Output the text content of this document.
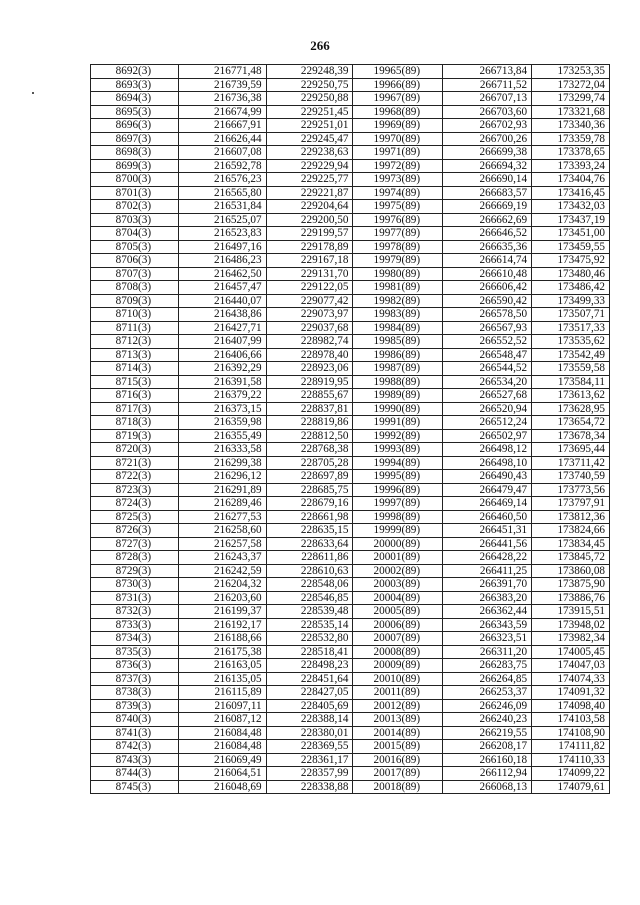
266
8692(3)	216771,48	229248,39	19965(89)	266713,84	173253,35
8693(3)	216739,59	229250,75	19966(89)	266711,52	173272,04
8694(3)	216736,38	229250,88	19967(89)	266707,13	173299,74
8695(3)	216674,99	229251,45	19968(89)	266703,60	173321,68
8696(3)	216667,91	229251,01	19969(89)	266702,93	173340,36
8697(3)	216626,44	229245,47	19970(89)	266700,26	173359,78
8698(3)	216607,08	229238,63	19971(89)	266699,38	173378,65
8699(3)	216592,78	229229,94	19972(89)	266694,32	173393,24
8700(3)	216576,23	229225,77	19973(89)	266690,14	173404,76
8701(3)	216565,80	229221,87	19974(89)	266683,57	173416,45
8702(3)	216531,84	229204,64	19975(89)	266669,19	173432,03
8703(3)	216525,07	229200,50	19976(89)	266662,69	173437,19
8704(3)	216523,83	229199,57	19977(89)	266646,52	173451,00
8705(3)	216497,16	229178,89	19978(89)	266635,36	173459,55
8706(3)	216486,23	229167,18	19979(89)	266614,74	173475,92
8707(3)	216462,50	229131,70	19980(89)	266610,48	173480,46
8708(3)	216457,47	229122,05	19981(89)	266606,42	173486,42
8709(3)	216440,07	229077,42	19982(89)	266590,42	173499,33
8710(3)	216438,86	229073,97	19983(89)	266578,50	173507,71
8711(3)	216427,71	229037,68	19984(89)	266567,93	173517,33
8712(3)	216407,99	228982,74	19985(89)	266552,52	173535,62
8713(3)	216406,66	228978,40	19986(89)	266548,47	173542,49
8714(3)	216392,29	228923,06	19987(89)	266544,52	173559,58
8715(3)	216391,58	228919,95	19988(89)	266534,20	173584,11
8716(3)	216379,22	228855,67	19989(89)	266527,68	173613,62
8717(3)	216373,15	228837,81	19990(89)	266520,94	173628,95
8718(3)	216359,98	228819,86	19991(89)	266512,24	173654,72
8719(3)	216355,49	228812,50	19992(89)	266502,97	173678,34
8720(3)	216333,58	228768,38	19993(89)	266498,12	173695,44
8721(3)	216299,38	228705,28	19994(89)	266498,10	173711,42
8722(3)	216296,12	228697,89	19995(89)	266490,43	173740,59
8723(3)	216291,89	228685,75	19996(89)	266479,47	173773,56
8724(3)	216289,46	228679,16	19997(89)	266469,14	173797,91
8725(3)	216277,53	228661,98	19998(89)	266460,50	173812,36
8726(3)	216258,60	228635,15	19999(89)	266451,31	173824,66
8727(3)	216257,58	228633,64	20000(89)	266441,56	173834,45
8728(3)	216243,37	228611,86	20001(89)	266428,22	173845,72
8729(3)	216242,59	228610,63	20002(89)	266411,25	173860,08
8730(3)	216204,32	228548,06	20003(89)	266391,70	173875,90
8731(3)	216203,60	228546,85	20004(89)	266383,20	173886,76
8732(3)	216199,37	228539,48	20005(89)	266362,44	173915,51
8733(3)	216192,17	228535,14	20006(89)	266343,59	173948,02
8734(3)	216188,66	228532,80	20007(89)	266323,51	173982,34
8735(3)	216175,38	228518,41	20008(89)	266311,20	174005,45
8736(3)	216163,05	228498,23	20009(89)	266283,75	174047,03
8737(3)	216135,05	228451,64	20010(89)	266264,85	174074,33
8738(3)	216115,89	228427,05	20011(89)	266253,37	174091,32
8739(3)	216097,11	228405,69	20012(89)	266246,09	174098,40
8740(3)	216087,12	228388,14	20013(89)	266240,23	174103,58
8741(3)	216084,48	228380,01	20014(89)	266219,55	174108,90
8742(3)	216084,48	228369,55	20015(89)	266208,17	174111,82
8743(3)	216069,49	228361,17	20016(89)	266160,18	174110,33
8744(3)	216064,51	228357,99	20017(89)	266112,94	174099,22
8745(3)	216048,69	228338,88	20018(89)	266068,13	174079,61
